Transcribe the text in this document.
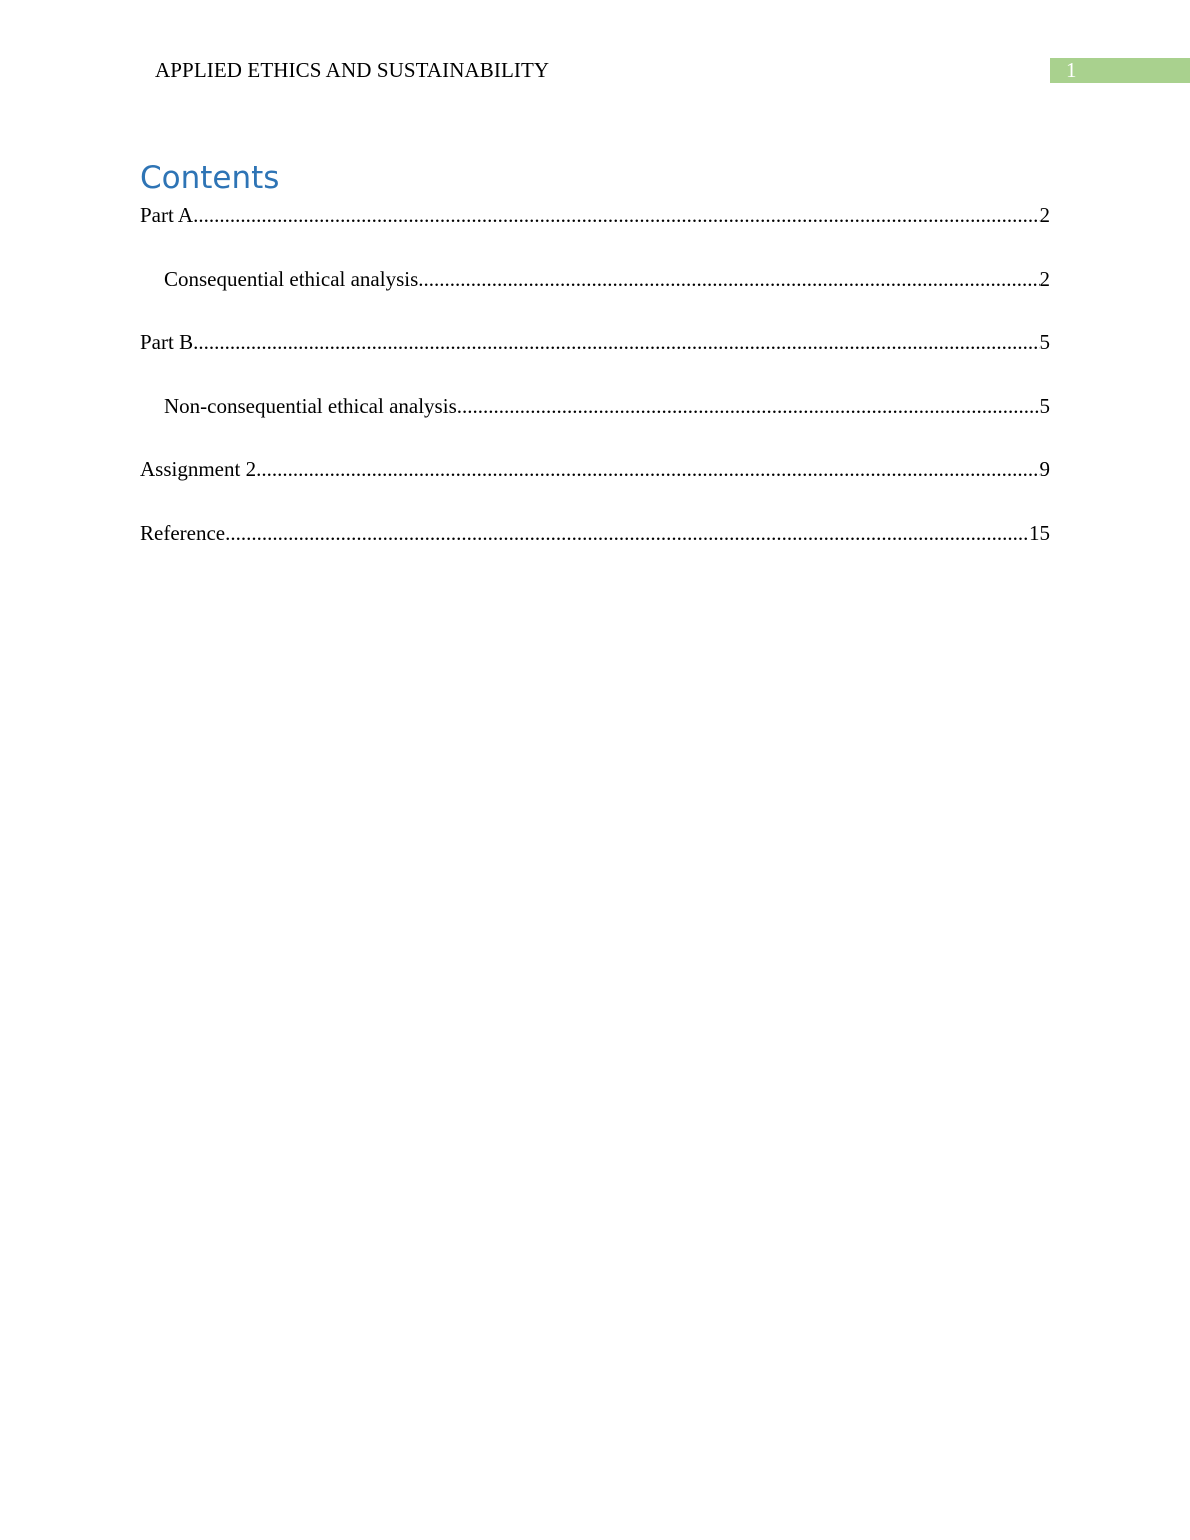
APPLIED ETHICS AND SUSTAINABILITY	1
Contents
Part A .....	2
Consequential ethical analysis .....	2
Part B .....	5
Non-consequential ethical analysis .....	5
Assignment 2 .....	9
Reference .....	15
